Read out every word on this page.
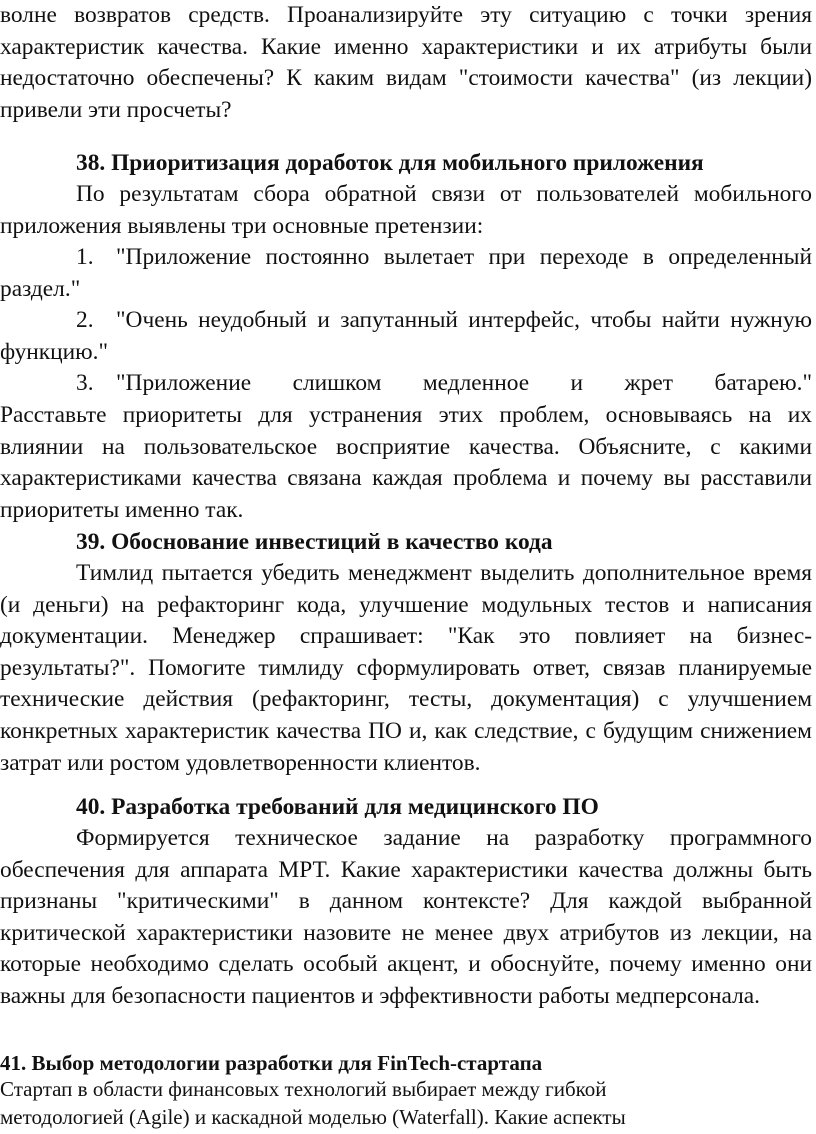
волне возвратов средств. Проанализируйте эту ситуацию с точки зрения характеристик качества. Какие именно характеристики и их атрибуты были недостаточно обеспечены? К каким видам "стоимости качества" (из лекции) привели эти просчеты?

38. Приоритизация доработок для мобильного приложения

По результатам сбора обратной связи от пользователей мобильного приложения выявлены три основные претензии:

1. "Приложение постоянно вылетает при переходе в определенный раздел."

2. "Очень неудобный и запутанный интерфейс, чтобы найти нужную функцию."

3. "Приложение слишком медленное и жрет батарею."

Расставьте приоритеты для устранения этих проблем, основываясь на их влиянии на пользовательское восприятие качества. Объясните, с какими характеристиками качества связана каждая проблема и почему вы расставили приоритеты именно так.

39. Обоснование инвестиций в качество кода

Тимлид пытается убедить менеджмент выделить дополнительное время (и деньги) на рефакторинг кода, улучшение модульных тестов и написания документации. Менеджер спрашивает: "Как это повлияет на бизнес-результаты?". Помогите тимлиду сформулировать ответ, связав планируемые технические действия (рефакторинг, тесты, документация) с улучшением конкретных характеристик качества ПО и, как следствие, с будущим снижением затрат или ростом удовлетворенности клиентов.

40. Разработка требований для медицинского ПО

Формируется техническое задание на разработку программного обеспечения для аппарата МРТ. Какие характеристики качества должны быть признаны "критическими" в данном контексте? Для каждой выбранной критической характеристики назовите не менее двух атрибутов из лекции, на которые необходимо сделать особый акцент, и обоснуйте, почему именно они важны для безопасности пациентов и эффективности работы медперсонала.

41. Выбор методологии разработки для FinTech-стартапа

Стартап в области финансовых технологий выбирает между гибкой

методологией (Agile) и каскадной моделью (Waterfall). Какие аспекты
